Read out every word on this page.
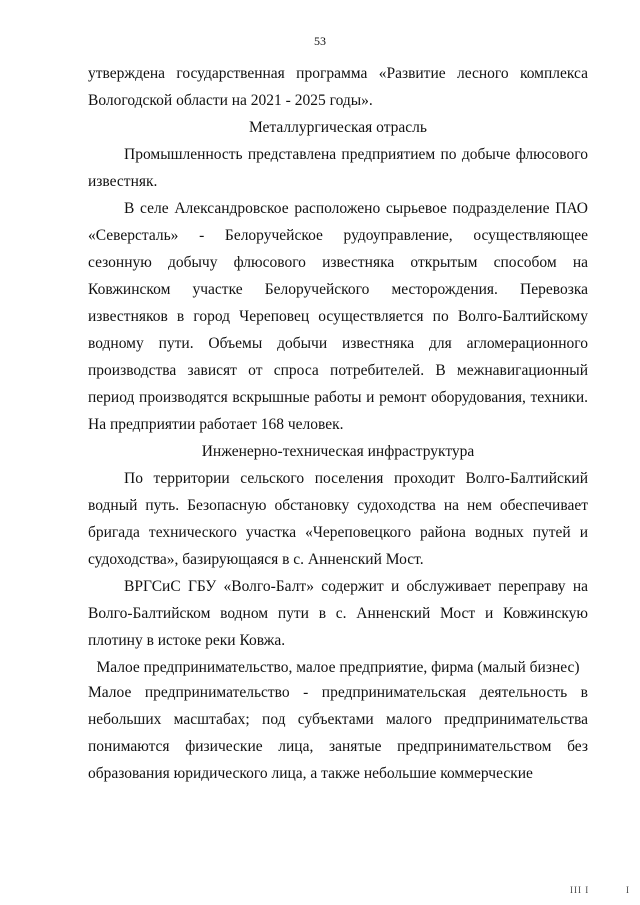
53

утверждена государственная программа «Развитие лесного комплекса Вологодской области на 2021 - 2025 годы».

Металлургическая отрасль

Промышленность представлена предприятием по добыче флюсового известняк.

В селе Александровское расположено сырьевое подразделение ПАО «Северсталь» - Белоручейское рудоуправление, осуществляющее сезонную добычу флюсового известняка открытым способом на Ковжинском участке Белоручейского месторождения. Перевозка известняков в город Череповец осуществляется по Волго-Балтийскому водному пути. Объемы добычи известняка для агломерационного производства зависят от спроса потребителей. В межнавигационный период производятся вскрышные работы и ремонт оборудования, техники. На предприятии работает 168 человек.

Инженерно-техническая инфраструктура

По территории сельского поселения проходит Волго-Балтийский водный путь. Безопасную обстановку судоходства на нем обеспечивает бригада технического участка «Череповецкого района водных путей и судоходства», базирующаяся в с. Анненский Мост.

ВРГСиС ГБУ «Волго-Балт» содержит и обслуживает переправу на Волго-Балтийском водном пути в с. Анненский Мост и Ковжинскую плотину в истоке реки Ковжа.

Малое предпринимательство, малое предприятие, фирма (малый бизнес)

Малое предпринимательство - предпринимательская деятельность в небольших масштабах; под субъектами малого предпринимательства понимаются физические лица, занятые предпринимательством без образования юридического лица, а также небольшие коммерческие

III I	I
